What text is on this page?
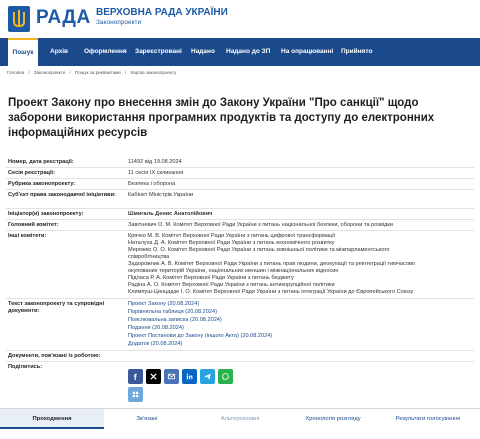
РАДА ВЕРХОВНА РАДА УКРАЇНИ
Законопроекти
Пошук	Архів Оформлення Зареєстровані Надано Надано до ЗП На опрацюванні Прийнято
Головна / Законопроекти / Пошук за реквізитами / Картка законопроекту
Проект Закону про внесення змін до Закону України "Про санкції" щодо заборони використання програмних продуктів та доступу до електронних інформаційних ресурсів
Номер, дата реєстрації:	11492 від 19.08.2024
Сесія реєстрації:	11 сесія IX скликання
Рубрика законопроекту:	Безпека і оборона
Суб'єкт права законодавчої ініціативи: Кабінет Міністрів України
Ініціатор(и) законопроекту:	Шмигаль Денис Анатолійович
Головний комітет:	Завітневич О. М. Комітет Верховної Ради України з питань національної безпеки, оборони та розвідки
Інші комітети:	Крячко М. В. Комітет Верховної Ради України з питань цифрової трансформації
Наталуха Д. А. Комітет Верховної Ради України з питань економічного розвитку
Мережко О. О. Комітет Верховної Ради України з питань зовнішньої політики та міжпарламентського
співробітництва
Задорожник А. В. Комітет Верховної Ради України з питань прав людини, деокупації та реінтеграції тимчасово
окупованих територій України, національних меншин і міжнаціональних відносин
Підласа Р. А. Комітет Верховної Ради України з питань бюджету
Радіна А. О. Комітет Верховної Ради України з питань антикорупційної політики
Климпуш-Цинцадзе І. О. Комітет Верховної Ради України з питань інтеграції України до Європейського Союзу
Текст законопроекту та супровідні документи:
Проект Закону (20.08.2024)
Порівняльна таблиця (20.08.2024)
Пояснювальна записка (20.08.2024)
Подання (20.08.2024)
Проект Постанови до Закону (іншого Акта) (20.08.2024)
Додаток (20.08.2024)
Документи, пов'язані із роботою:
Поділитись:
Проходження	Зв'язані	Альтернативні	Хронологія розгляду	Результати голосування
